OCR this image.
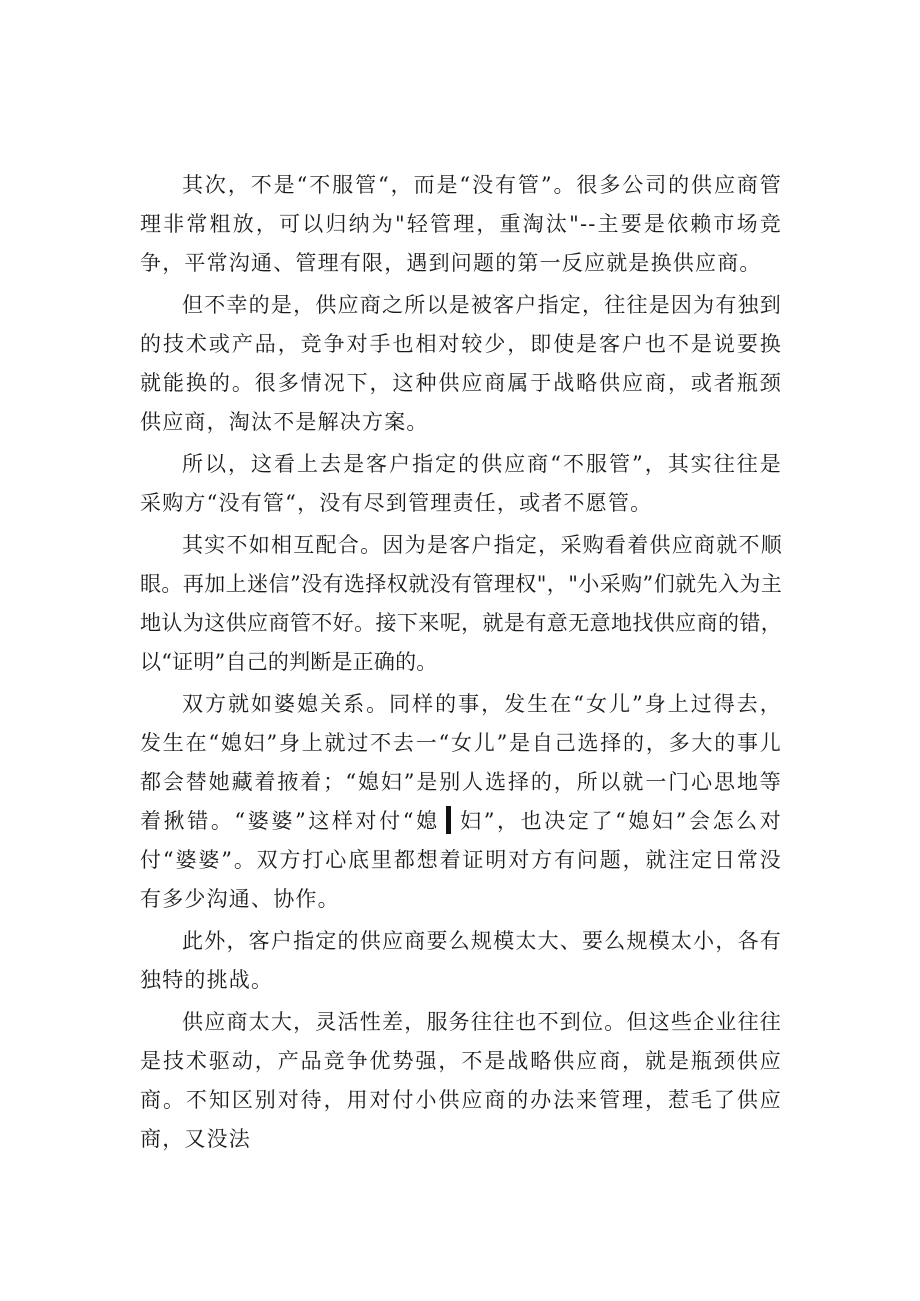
其次，不是“不服管“，而是“没有管”。很多公司的供应商管理非常粗放，可以归纳为"轻管理，重淘汰"--主要是依赖市场竞争，平常沟通、管理有限，遇到问题的第一反应就是换供应商。

但不幸的是，供应商之所以是被客户指定，往往是因为有独到的技术或产品，竞争对手也相对较少，即使是客户也不是说要换就能换的。很多情况下，这种供应商属于战略供应商，或者瓶颈供应商，淘汰不是解决方案。

所以，这看上去是客户指定的供应商“不服管”，其实往往是采购方“没有管“，没有尽到管理责任，或者不愿管。

其实不如相互配合。因为是客户指定，采购看着供应商就不顺眼。再加上迷信”没有选择权就没有管理权"，"小采购”们就先入为主地认为这供应商管不好。接下来呢，就是有意无意地找供应商的错，以“证明”自己的判断是正确的。

双方就如婆媳关系。同样的事，发生在“女儿”身上过得去，发生在“媳妇”身上就过不去一“女儿”是自己选择的，多大的事儿都会替她藏着掖着；“媳妇”是别人选择的，所以就一门心思地等着揪错。“婆婆”这样对付“媳 妇”，也决定了“媳妇”会怎么对付“婆婆”。双方打心底里都想着证明对方有问题，就注定日常没有多少沟通、协作。

此外，客户指定的供应商要么规模太大、要么规模太小，各有独特的挑战。

供应商太大，灵活性差，服务往往也不到位。但这些企业往往是技术驱动，产品竞争优势强，不是战略供应商，就是瓶颈供应商。不知区别对待，用对付小供应商的办法来管理，惹毛了供应商，又没法
